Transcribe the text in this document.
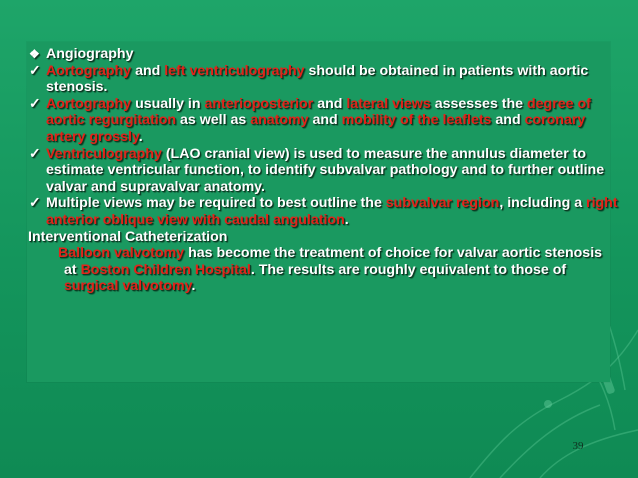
❖ Angiography

✓ Aortography and left ventriculography should be obtained in patients with aortic stenosis.

✓ Aortography usually in anterioposterior and lateral views assesses the degree of aortic regurgitation as well as anatomy and mobility of the leaflets and coronary artery grossly.

✓ Ventriculography (LAO cranial view) is used to measure the annulus diameter to estimate ventricular function, to identify subvalvar pathology and to further outline valvar and supravalvar anatomy.

✓ Multiple views may be required to best outline the subvalvar region, including a right anterior oblique view with caudal angulation.

Interventional Catheterization

Balloon valvotomy has become the treatment of choice for valvar aortic stenosis at Boston Children Hospital. The results are roughly equivalent to those of surgical valvotomy.

39
